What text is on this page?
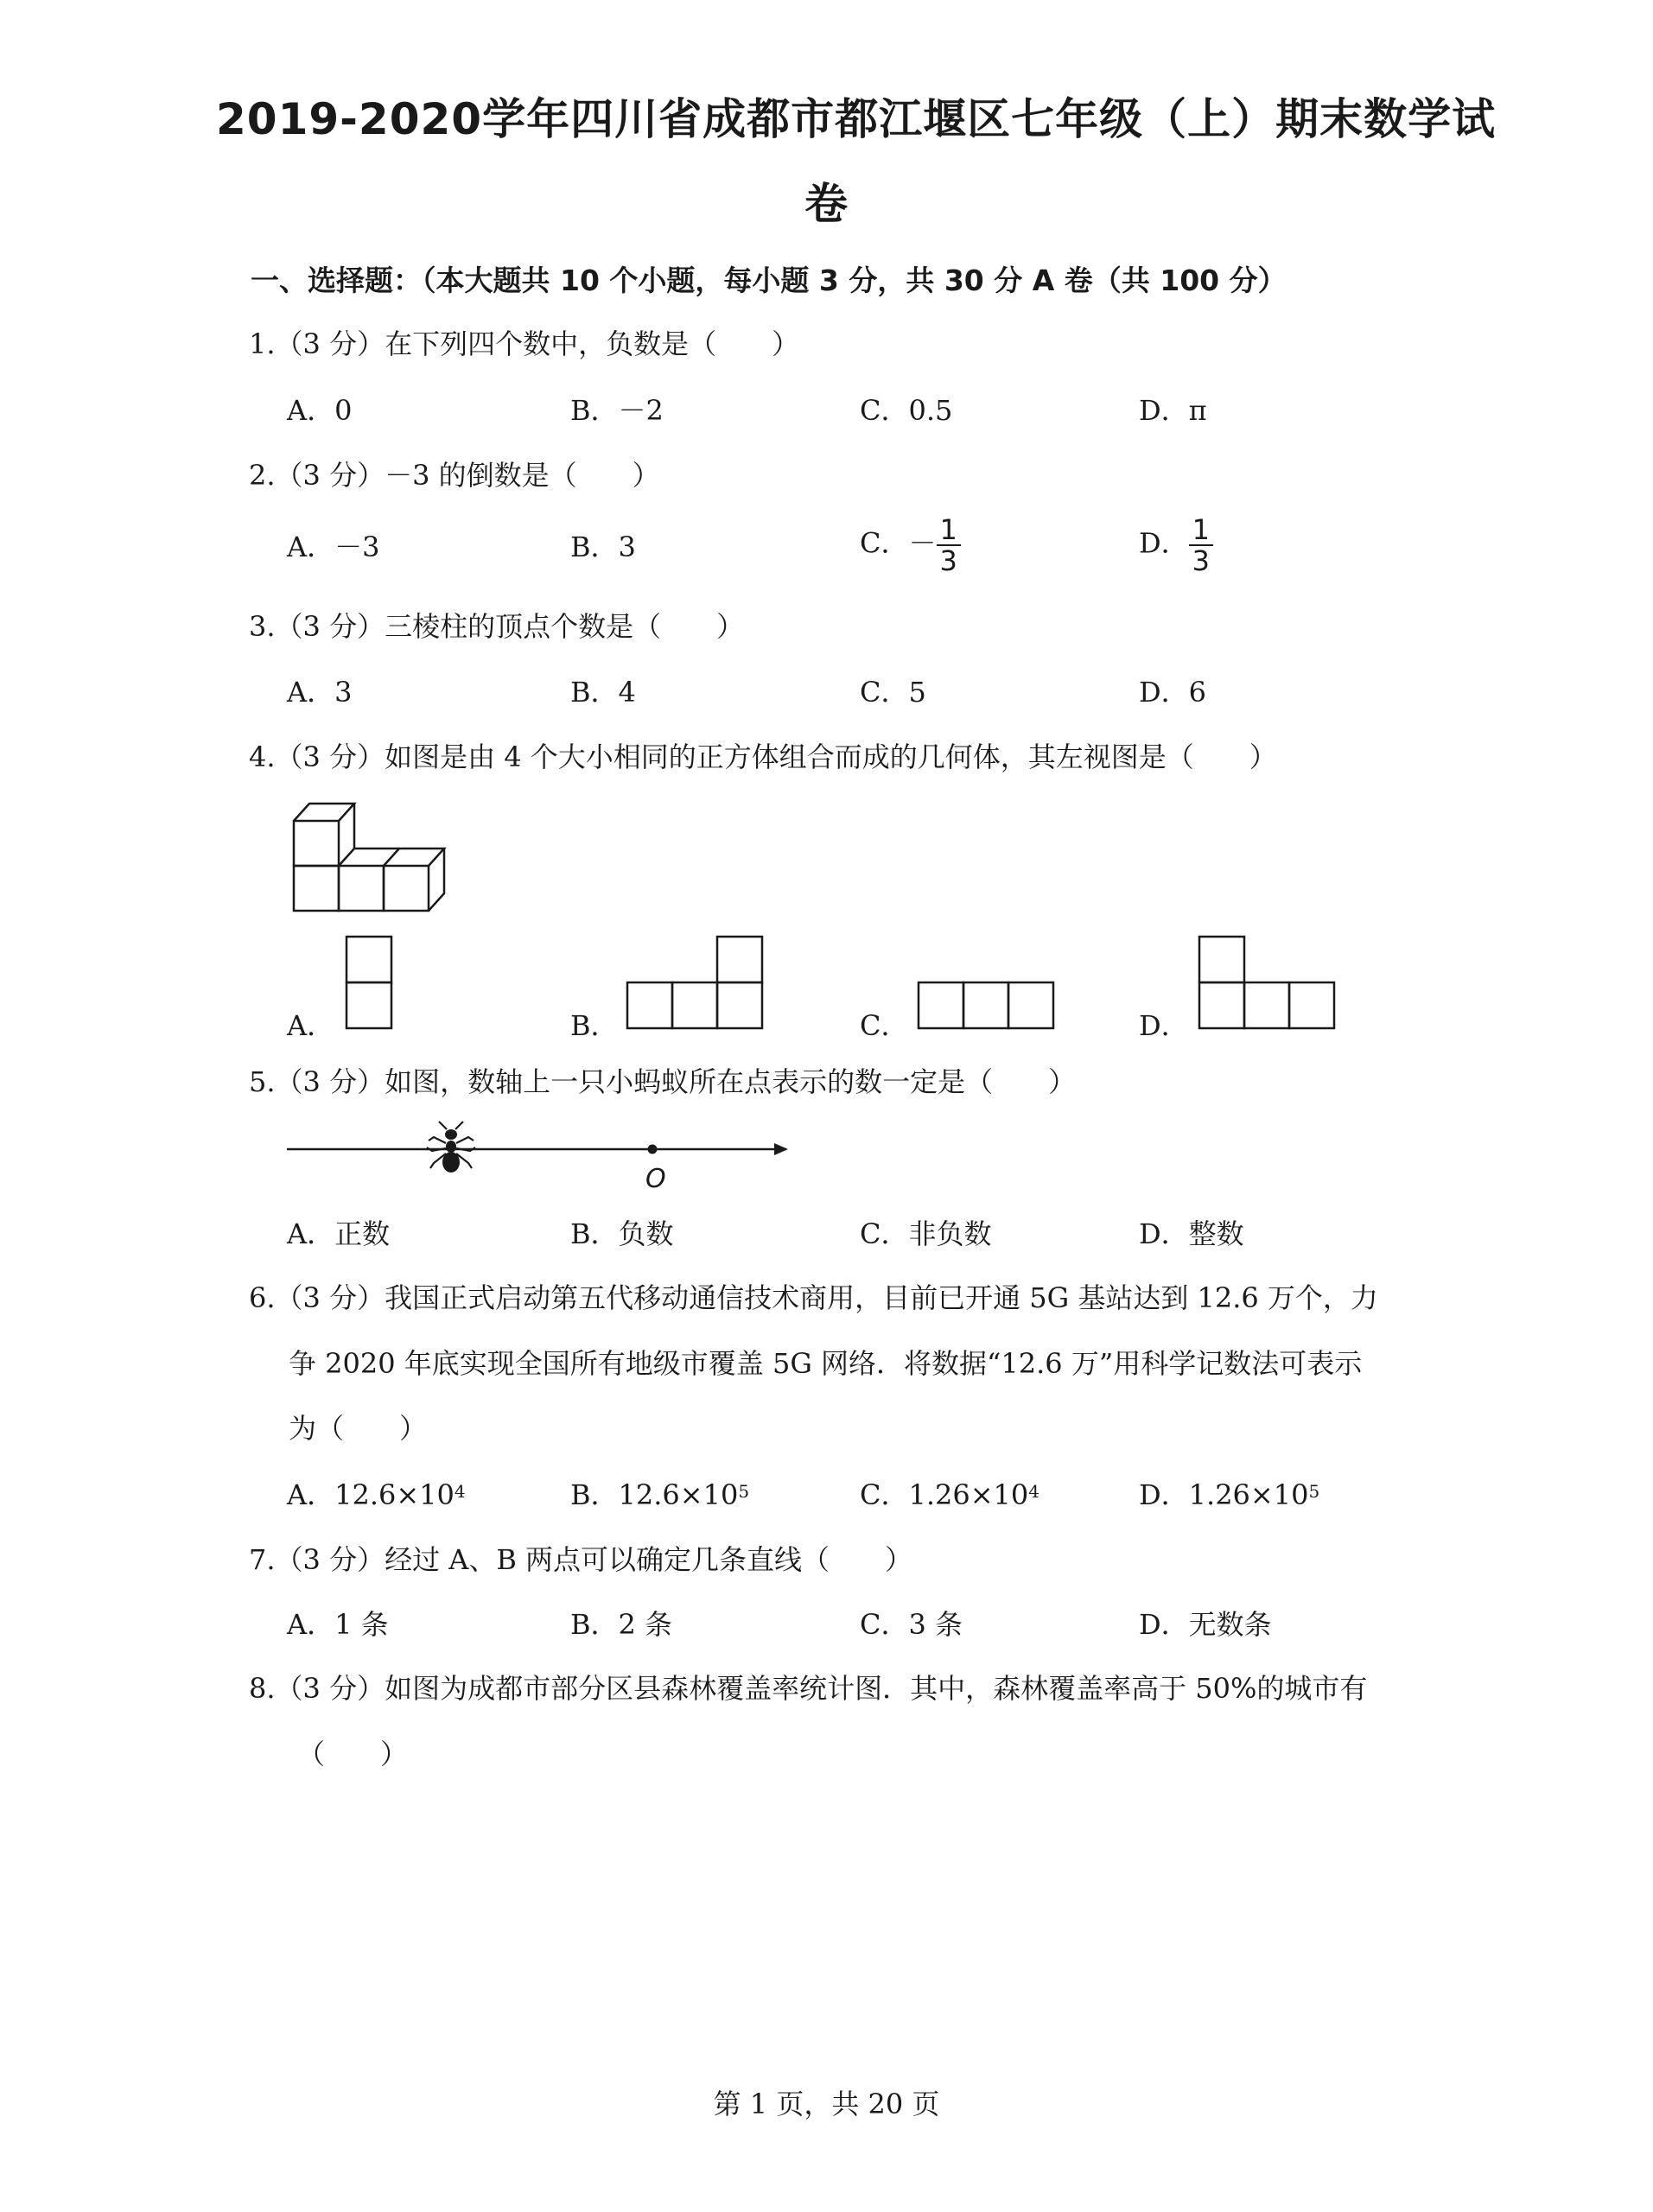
2019-2020学年四川省成都市都江堰区七年级（上）期末数学试
卷
一、选择题：（本大题共 10 个小题，每小题 3 分，共 30 分 A 卷（共 100 分）
1.（3 分）在下列四个数中，负数是（　　）
A．0	B．－2	C．0.5	D．π
2.（3 分）－3 的倒数是（　　）
A．－3	B．3	C．－ $\frac{1}{3}$	D． $\frac{1}{3}$
3.（3 分）三棱柱的顶点个数是（　　）
A．3	B．4	C．5	D．6
4.（3 分）如图是由 4 个大小相同的正方体组合而成的几何体，其左视图是（　　）
A．	B．	C．	D．
5.（3 分）如图，数轴上一只小蚂蚁所在点表示的数一定是（　　）
O
A．正数	B．负数	C．非负数	D．整数
6.（3 分）我国正式启动第五代移动通信技术商用，目前已开通 5G 基站达到 12.6 万个，力
争 2020 年底实现全国所有地级市覆盖 5G 网络．将数据“12.6 万”用科学记数法可表示
为（　　）
A．$12.6\times 10^4$	B．$12.6\times 10^5$	C．$1.26\times 10^4$	D．$1.26\times 10^5$
7.（3 分）经过 A、B 两点可以确定几条直线（　　）
A．1 条	B．2 条	C．3 条	D．无数条
8.（3 分）如图为成都市部分区县森林覆盖率统计图．其中，森林覆盖率高于 50%的城市有
（　　）
第 1 页，共 20 页
